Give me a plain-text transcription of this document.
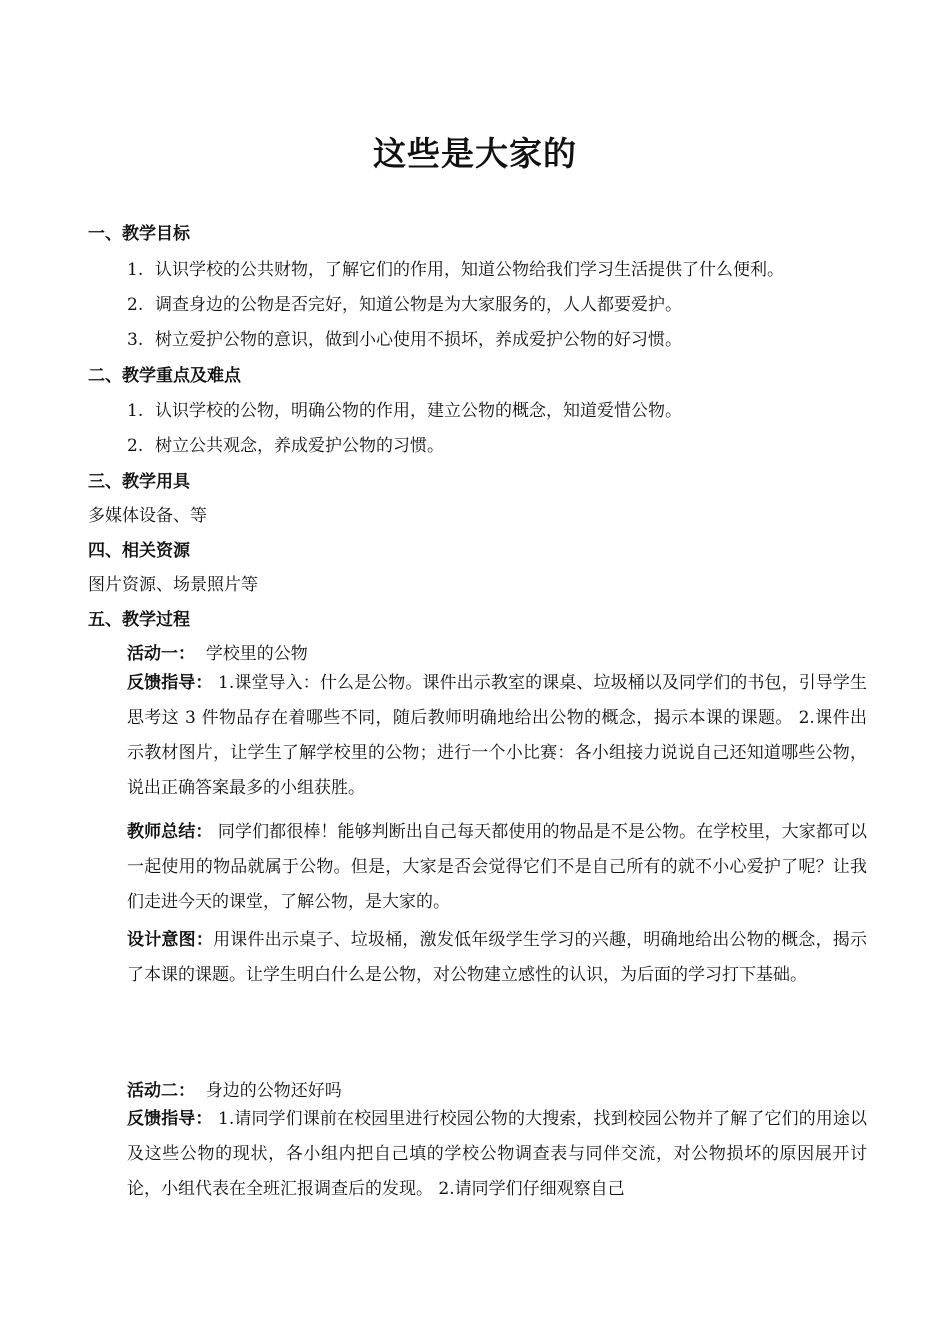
这些是大家的
一、教学目标
1. 认识学校的公共财物，了解它们的作用，知道公物给我们学习生活提供了什么便利。
2. 调查身边的公物是否完好，知道公物是为大家服务的，人人都要爱护。
3. 树立爱护公物的意识，做到小心使用不损坏，养成爱护公物的好习惯。
二、教学重点及难点
1. 认识学校的公物，明确公物的作用，建立公物的概念，知道爱惜公物。
2. 树立公共观念，养成爱护公物的习惯。
三、教学用具
多媒体设备、等
四、相关资源
图片资源、场景照片等
五、教学过程
活动一： 学校里的公物
反馈指导： 1.课堂导入：什么是公物。课件出示教室的课桌、垃圾桶以及同学们的书包，引导学生思考这 3 件物品存在着哪些不同，随后教师明确地给出公物的概念，揭示本课的课题。 2.课件出示教材图片，让学生了解学校里的公物；进行一个小比赛：各小组接力说说自己还知道哪些公物，说出正确答案最多的小组获胜。
教师总结： 同学们都很棒！能够判断出自己每天都使用的物品是不是公物。在学校里，大家都可以一起使用的物品就属于公物。但是，大家是否会觉得它们不是自己所有的就不小心爱护了呢？让我们走进今天的课堂，了解公物，是大家的。
设计意图：用课件出示桌子、垃圾桶，激发低年级学生学习的兴趣，明确地给出公物的概念，揭示了本课的课题。让学生明白什么是公物，对公物建立感性的认识，为后面的学习打下基础。
活动二： 身边的公物还好吗
反馈指导： 1.请同学们课前在校园里进行校园公物的大搜索，找到校园公物并了解了它们的用途以及这些公物的现状，各小组内把自己填的学校公物调查表与同伴交流，对公物损坏的原因展开讨论，小组代表在全班汇报调查后的发现。 2.请同学们仔细观察自己
